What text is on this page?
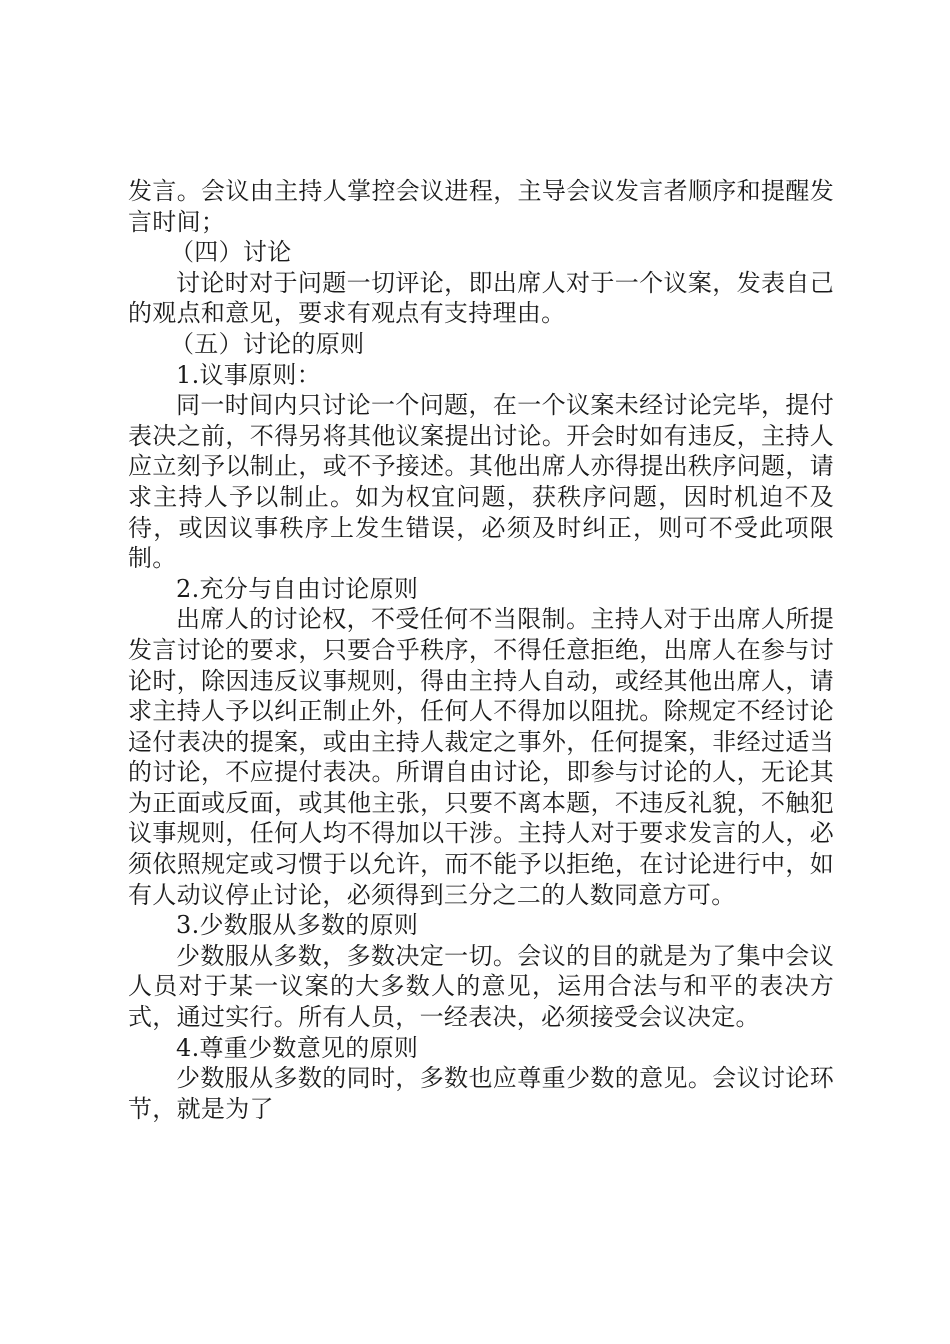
发言。会议由主持人掌控会议进程，主导会议发言者顺序和提醒发言时间；

（四）讨论

讨论时对于问题一切评论，即出席人对于一个议案，发表自己的观点和意见，要求有观点有支持理由。

（五）讨论的原则

1.议事原则：

同一时间内只讨论一个问题，在一个议案未经讨论完毕，提付表决之前，不得另将其他议案提出讨论。开会时如有违反，主持人应立刻予以制止，或不予接述。其他出席人亦得提出秩序问题，请求主持人予以制止。如为权宜问题，获秩序问题，因时机迫不及待，或因议事秩序上发生错误，必须及时纠正，则可不受此项限制。

2.充分与自由讨论原则

出席人的讨论权，不受任何不当限制。主持人对于出席人所提发言讨论的要求，只要合乎秩序，不得任意拒绝，出席人在参与讨论时，除因违反议事规则，得由主持人自动，或经其他出席人，请求主持人予以纠正制止外，任何人不得加以阻扰。除规定不经讨论迳付表决的提案，或由主持人裁定之事外，任何提案，非经过适当的讨论，不应提付表决。所谓自由讨论，即参与讨论的人，无论其为正面或反面，或其他主张，只要不离本题，不违反礼貌，不触犯议事规则，任何人均不得加以干涉。主持人对于要求发言的人，必须依照规定或习惯于以允许，而不能予以拒绝，在讨论进行中，如有人动议停止讨论，必须得到三分之二的人数同意方可。

3.少数服从多数的原则

少数服从多数，多数决定一切。会议的目的就是为了集中会议人员对于某一议案的大多数人的意见，运用合法与和平的表决方式，通过实行。所有人员，一经表决，必须接受会议决定。

4.尊重少数意见的原则

少数服从多数的同时，多数也应尊重少数的意见。会议讨论环节，就是为了
